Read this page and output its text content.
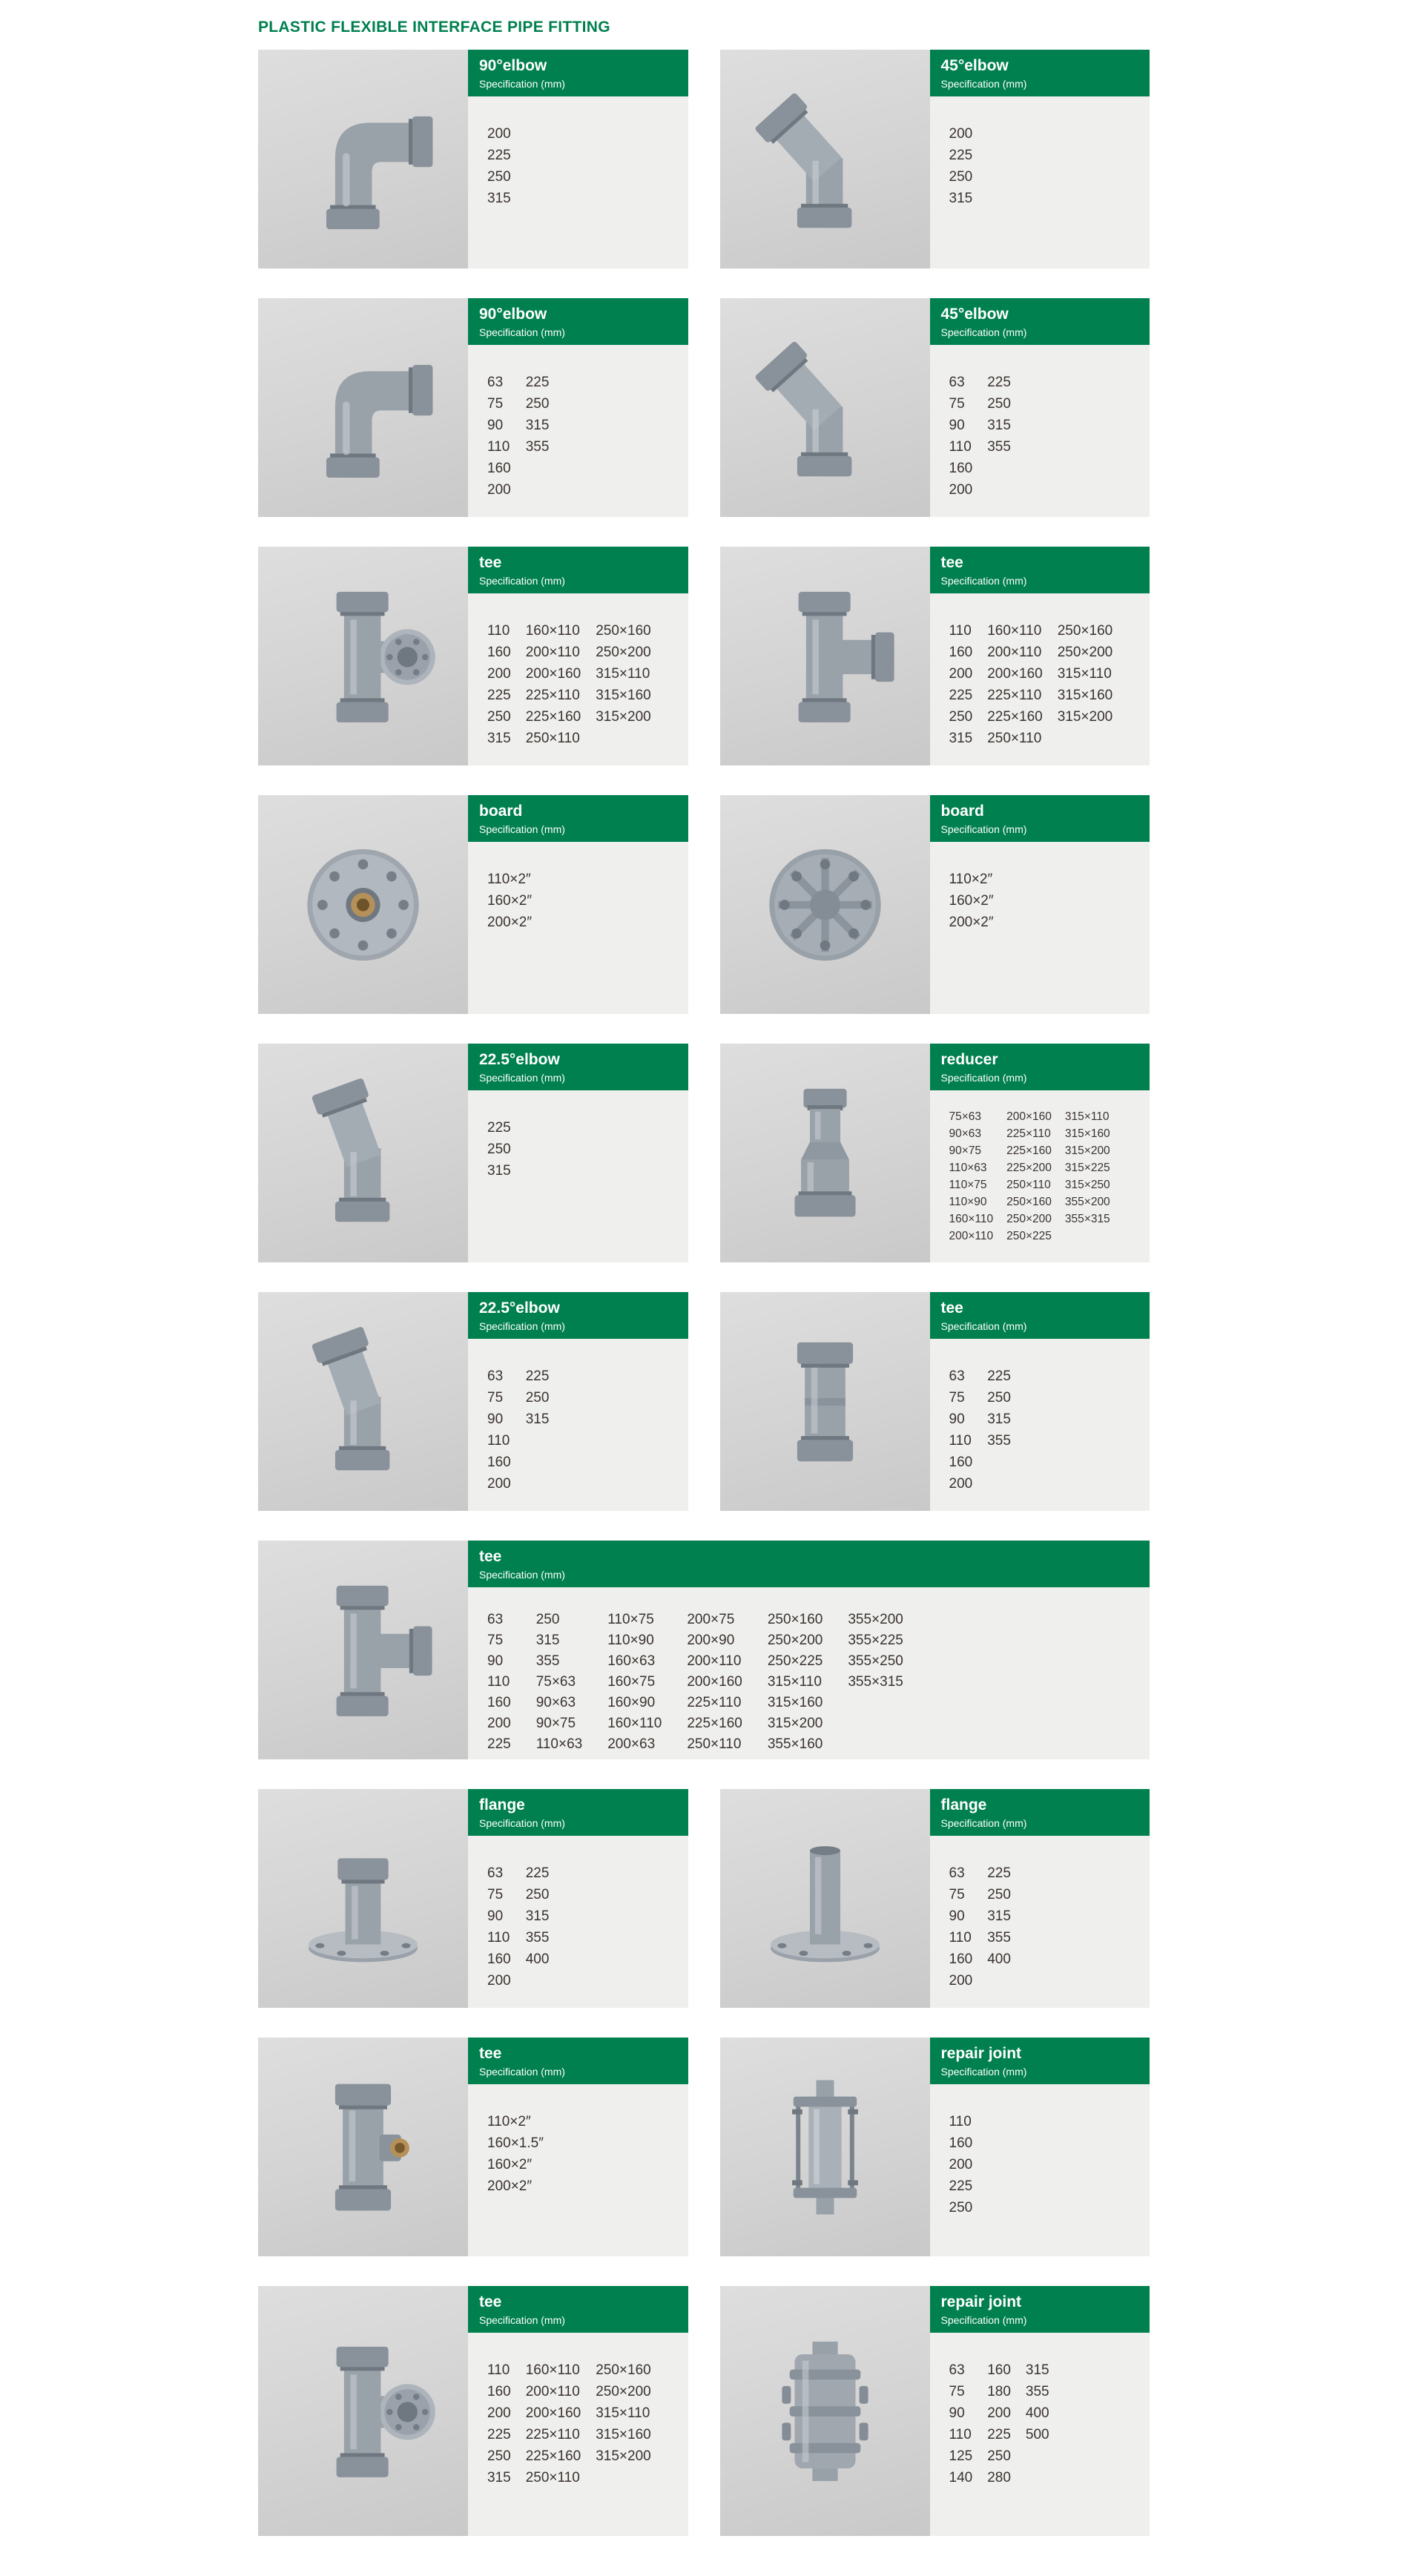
PLASTIC FLEXIBLE INTERFACE PIPE FITTING
90°elbow
Specification (mm)
200
225
250
315
45°elbow
Specification (mm)
200
225
250
315
90°elbow
Specification (mm)
63
75
90
110
160
200
225
250
315
355
45°elbow
Specification (mm)
63
75
90
110
160
200
225
250
315
355
tee
Specification (mm)
110
160
200
225
250
315
160×110
200×110
200×160
225×110
225×160
250×110
250×160
250×200
315×110
315×160
315×200
tee
Specification (mm)
110
160
200
225
250
315
160×110
200×110
200×160
225×110
225×160
250×110
250×160
250×200
315×110
315×160
315×200
board
Specification (mm)
110×2″
160×2″
200×2″
board
Specification (mm)
110×2″
160×2″
200×2″
22.5°elbow
Specification (mm)
225
250
315
reducer
Specification (mm)
75×63
90×63
90×75
110×63
110×75
110×90
160×110
200×110
200×160
225×110
225×160
225×200
250×110
250×160
250×200
250×225
315×110
315×160
315×200
315×225
315×250
355×200
355×315
22.5°elbow
Specification (mm)
63
75
90
110
160
200
225
250
315
tee
Specification (mm)
63
75
90
110
160
200
225
250
315
355
tee
Specification (mm)
63
75
90
110
160
200
225
250
315
355
75×63
90×63
90×75
110×63
110×75
110×90
160×63
160×75
160×90
160×110
200×63
200×75
200×90
200×110
200×160
225×110
225×160
250×110
250×160
250×200
250×225
315×110
315×160
315×200
355×160
355×200
355×225
355×250
355×315
flange
Specification (mm)
63
75
90
110
160
200
225
250
315
355
400
flange
Specification (mm)
63
75
90
110
160
200
225
250
315
355
400
tee
Specification (mm)
110×2″
160×1.5″
160×2″
200×2″
repair joint
Specification (mm)
110
160
200
225
250
tee
Specification (mm)
110
160
200
225
250
315
160×110
200×110
200×160
225×110
225×160
250×110
250×160
250×200
315×110
315×160
315×200
repair joint
Specification (mm)
63
75
90
110
125
140
160
180
200
225
250
280
315
355
400
500
